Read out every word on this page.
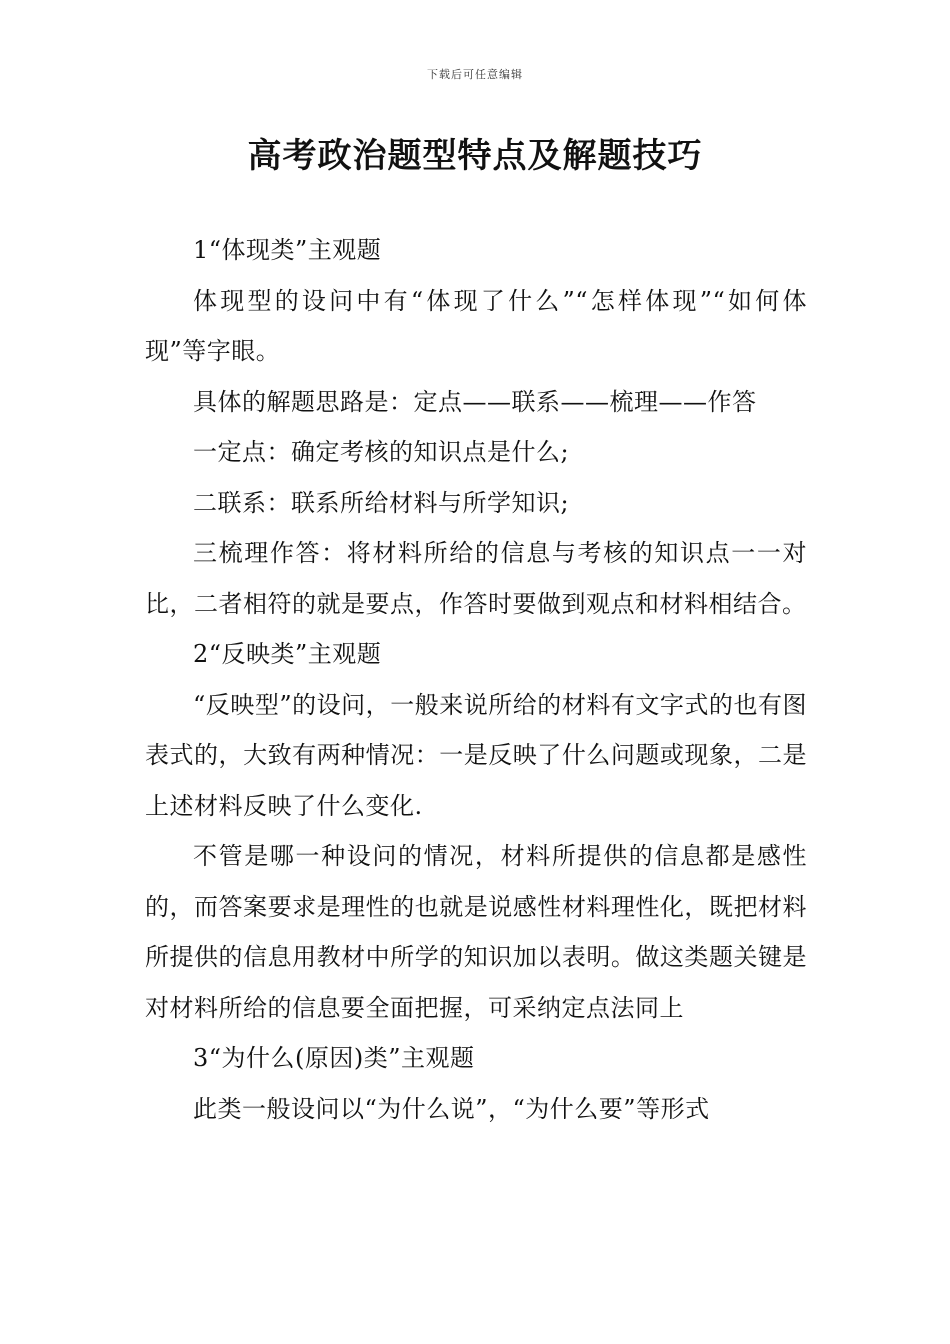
下载后可任意编辑
高考政治题型特点及解题技巧

1“体现类”主观题

体现型的设问中有“体现了什么”“怎样体现”“如何体现”等字眼。

具体的解题思路是：定点——联系——梳理——作答

一定点：确定考核的知识点是什么;

二联系：联系所给材料与所学知识;

三梳理作答：将材料所给的信息与考核的知识点一一对比，二者相符的就是要点，作答时要做到观点和材料相结合。

2“反映类”主观题

“反映型”的设问，一般来说所给的材料有文字式的也有图表式的，大致有两种情况：一是反映了什么问题或现象，二是上述材料反映了什么变化.

不管是哪一种设问的情况，材料所提供的信息都是感性的，而答案要求是理性的也就是说感性材料理性化，既把材料所提供的信息用教材中所学的知识加以表明。做这类题关键是对材料所给的信息要全面把握，可采纳定点法同上

3“为什么(原因)类”主观题

此类一般设问以“为什么说”，“为什么要”等形式
